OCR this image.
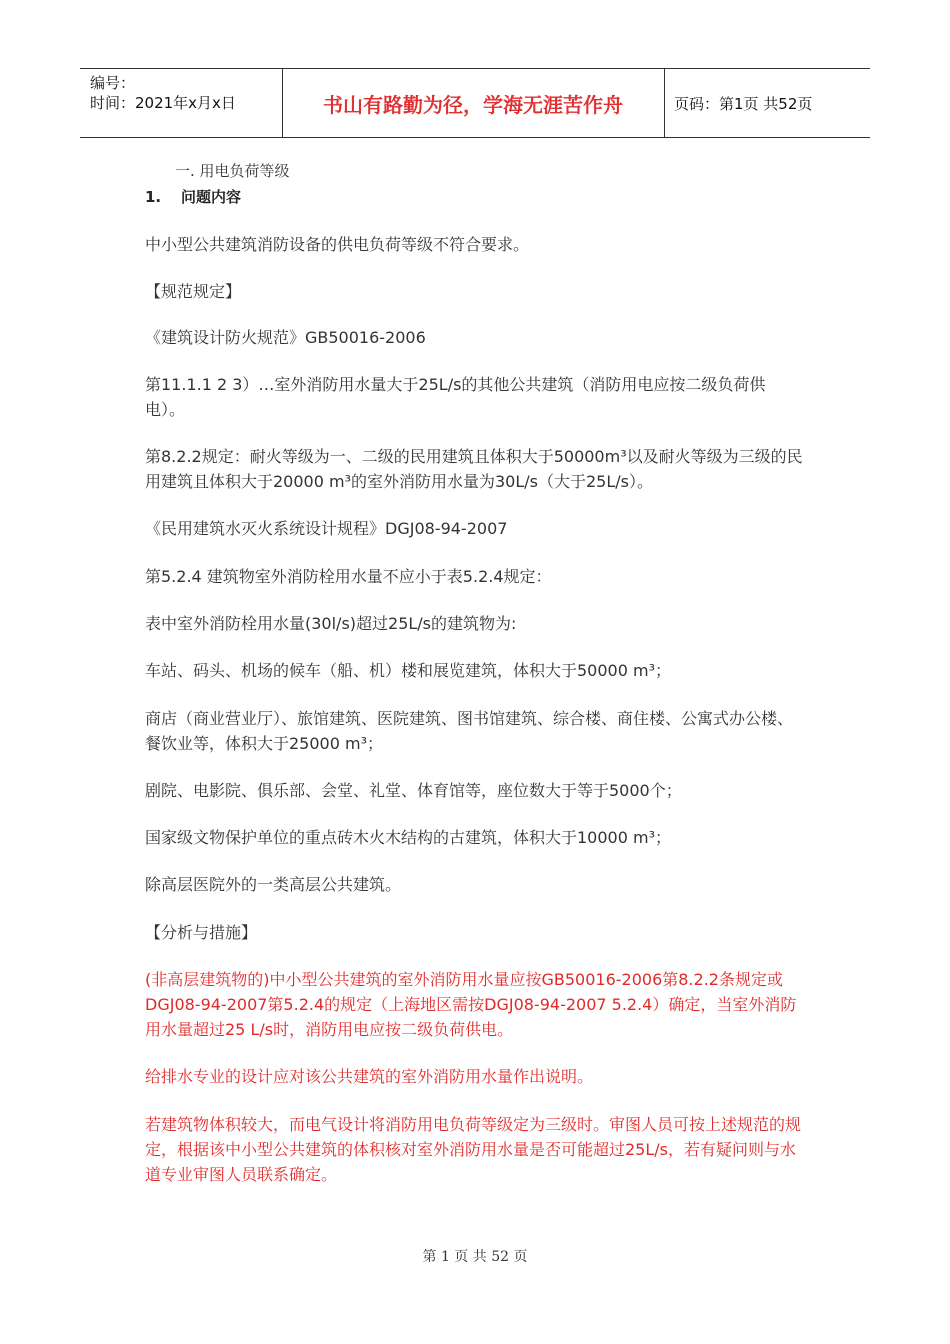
编号：
时间：2021年x月x日	书山有路勤为径，学海无涯苦作舟	页码：第1页 共52页
一. 用电负荷等级
1. 问题内容

中小型公共建筑消防设备的供电负荷等级不符合要求。

【规范规定】

《建筑设计防火规范》GB50016-2006

第11.1.1 2 3）…室外消防用水量大于25L/s的其他公共建筑（消防用电应按二级负荷供电）。

第8.2.2规定：耐火等级为一、二级的民用建筑且体积大于50000m³以及耐火等级为三级的民用建筑且体积大于20000 m³的室外消防用水量为30L/s（大于25L/s）。

《民用建筑水灭火系统设计规程》DGJ08-94-2007

第5.2.4 建筑物室外消防栓用水量不应小于表5.2.4规定：

表中室外消防栓用水量(30l/s)超过25L/s的建筑物为:

车站、码头、机场的候车（船、机）楼和展览建筑，体积大于50000 m³；

商店（商业营业厅）、旅馆建筑、医院建筑、图书馆建筑、综合楼、商住楼、公寓式办公楼、餐饮业等，体积大于25000 m³；

剧院、电影院、俱乐部、会堂、礼堂、体育馆等，座位数大于等于5000个；

国家级文物保护单位的重点砖木火木结构的古建筑，体积大于10000 m³；

除高层医院外的一类高层公共建筑。

【分析与措施】

(非高层建筑物的)中小型公共建筑的室外消防用水量应按GB50016-2006第8.2.2条规定或DGJ08-94-2007第5.2.4的规定（上海地区需按DGJ08-94-2007 5.2.4）确定，当室外消防用水量超过25 L/s时，消防用电应按二级负荷供电。

给排水专业的设计应对该公共建筑的室外消防用水量作出说明。

若建筑物体积较大，而电气设计将消防用电负荷等级定为三级时。审图人员可按上述规范的规定，根据该中小型公共建筑的体积核对室外消防用水量是否可能超过25L/s，若有疑问则与水道专业审图人员联系确定。

第 1 页 共 52 页
